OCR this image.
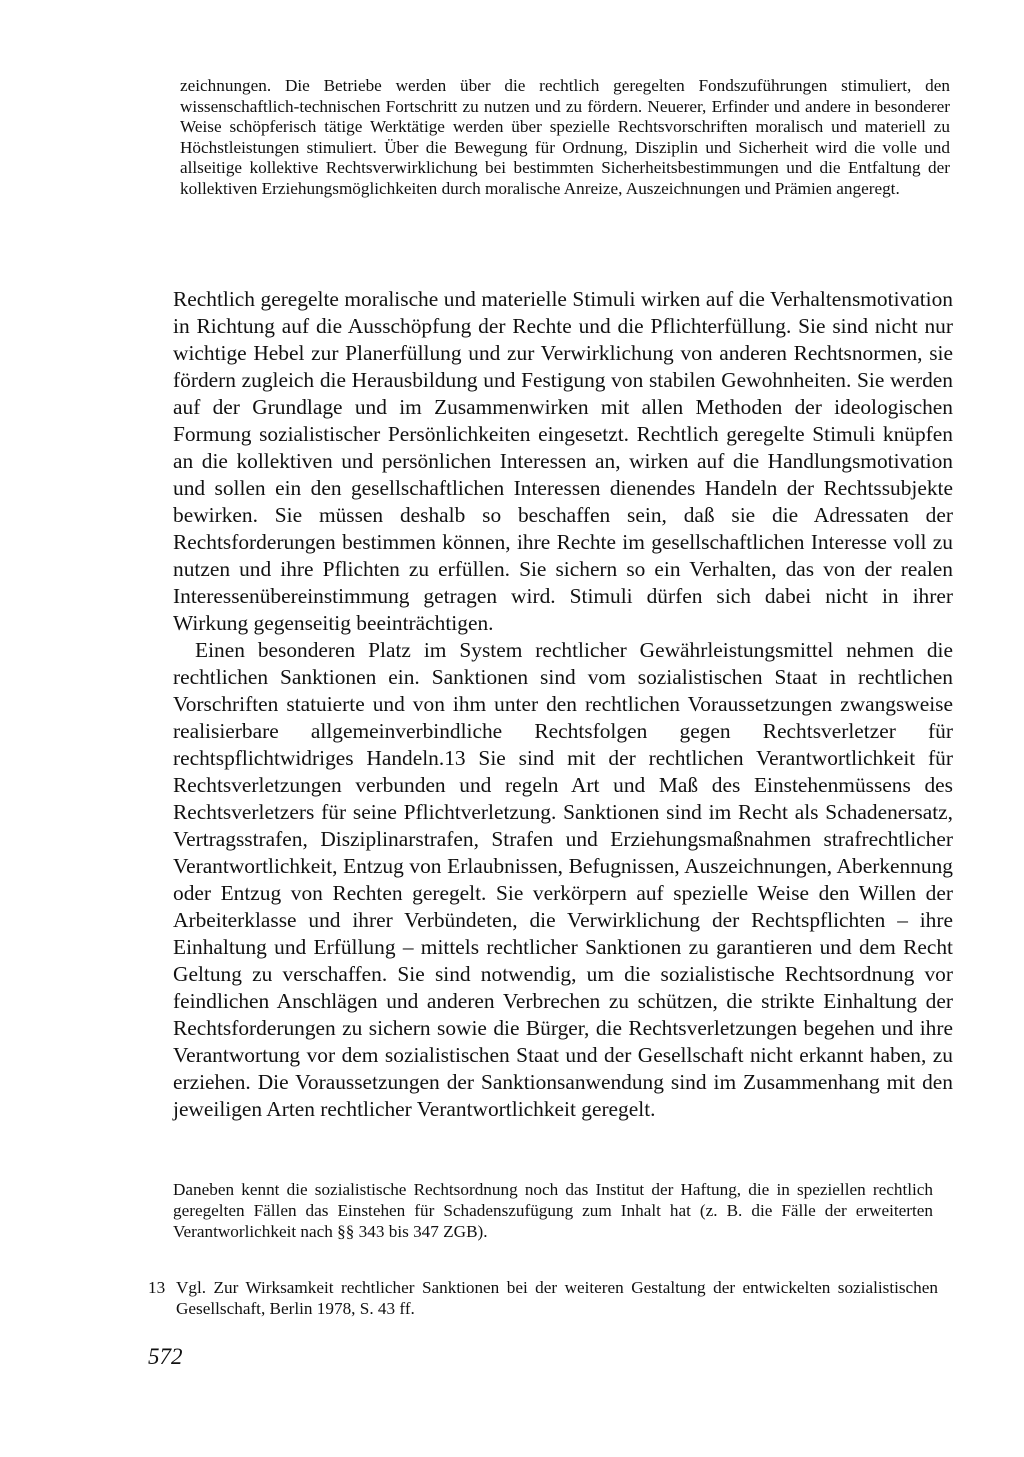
zeichnungen. Die Betriebe werden über die rechtlich geregelten Fondszuführungen stimuliert, den wissenschaftlich-technischen Fortschritt zu nutzen und zu fördern. Neuerer, Erfinder und andere in besonderer Weise schöpferisch tätige Werktätige werden über spezielle Rechtsvorschriften moralisch und materiell zu Höchstleistungen stimuliert. Über die Bewegung für Ordnung, Disziplin und Sicherheit wird die volle und allseitige kollektive Rechtsverwirklichung bei bestimmten Sicherheitsbestimmungen und die Entfaltung der kollektiven Erziehungsmöglichkeiten durch moralische Anreize, Auszeichnungen und Prämien angeregt.

Rechtlich geregelte moralische und materielle Stimuli wirken auf die Verhaltensmotivation in Richtung auf die Ausschöpfung der Rechte und die Pflichterfüllung. Sie sind nicht nur wichtige Hebel zur Planerfüllung und zur Verwirklichung von anderen Rechtsnormen, sie fördern zugleich die Herausbildung und Festigung von stabilen Gewohnheiten. Sie werden auf der Grundlage und im Zusammenwirken mit allen Methoden der ideologischen Formung sozialistischer Persönlichkeiten eingesetzt. Rechtlich geregelte Stimuli knüpfen an die kollektiven und persönlichen Interessen an, wirken auf die Handlungsmotivation und sollen ein den gesellschaftlichen Interessen dienendes Handeln der Rechtssubjekte bewirken. Sie müssen deshalb so beschaffen sein, daß sie die Adressaten der Rechtsforderungen bestimmen können, ihre Rechte im gesellschaftlichen Interesse voll zu nutzen und ihre Pflichten zu erfüllen. Sie sichern so ein Verhalten, das von der realen Interessenübereinstimmung getragen wird. Stimuli dürfen sich dabei nicht in ihrer Wirkung gegenseitig beeinträchtigen.

Einen besonderen Platz im System rechtlicher Gewährleistungsmittel nehmen die rechtlichen Sanktionen ein. Sanktionen sind vom sozialistischen Staat in rechtlichen Vorschriften statuierte und von ihm unter den rechtlichen Voraussetzungen zwangsweise realisierbare allgemeinverbindliche Rechtsfolgen gegen Rechtsverletzer für rechtspflichtwidriges Handeln.13 Sie sind mit der rechtlichen Verantwortlichkeit für Rechtsverletzungen verbunden und regeln Art und Maß des Einstehenmüssens des Rechtsverletzers für seine Pflichtverletzung. Sanktionen sind im Recht als Schadenersatz, Vertragsstrafen, Disziplinarstrafen, Strafen und Erziehungsmaßnahmen strafrechtlicher Verantwortlichkeit, Entzug von Erlaubnissen, Befugnissen, Auszeichnungen, Aberkennung oder Entzug von Rechten geregelt. Sie verkörpern auf spezielle Weise den Willen der Arbeiterklasse und ihrer Verbündeten, die Verwirklichung der Rechtspflichten – ihre Einhaltung und Erfüllung – mittels rechtlicher Sanktionen zu garantieren und dem Recht Geltung zu verschaffen. Sie sind notwendig, um die sozialistische Rechtsordnung vor feindlichen Anschlägen und anderen Verbrechen zu schützen, die strikte Einhaltung der Rechtsforderungen zu sichern sowie die Bürger, die Rechtsverletzungen begehen und ihre Verantwortung vor dem sozialistischen Staat und der Gesellschaft nicht erkannt haben, zu erziehen. Die Voraussetzungen der Sanktionsanwendung sind im Zusammenhang mit den jeweiligen Arten rechtlicher Verantwortlichkeit geregelt.

Daneben kennt die sozialistische Rechtsordnung noch das Institut der Haftung, die in speziellen rechtlich geregelten Fällen das Einstehen für Schadenszufügung zum Inhalt hat (z. B. die Fälle der erweiterten Verantworlichkeit nach §§ 343 bis 347 ZGB).
13 Vgl. Zur Wirksamkeit rechtlicher Sanktionen bei der weiteren Gestaltung der entwickelten sozialistischen Gesellschaft, Berlin 1978, S. 43 ff.
572
